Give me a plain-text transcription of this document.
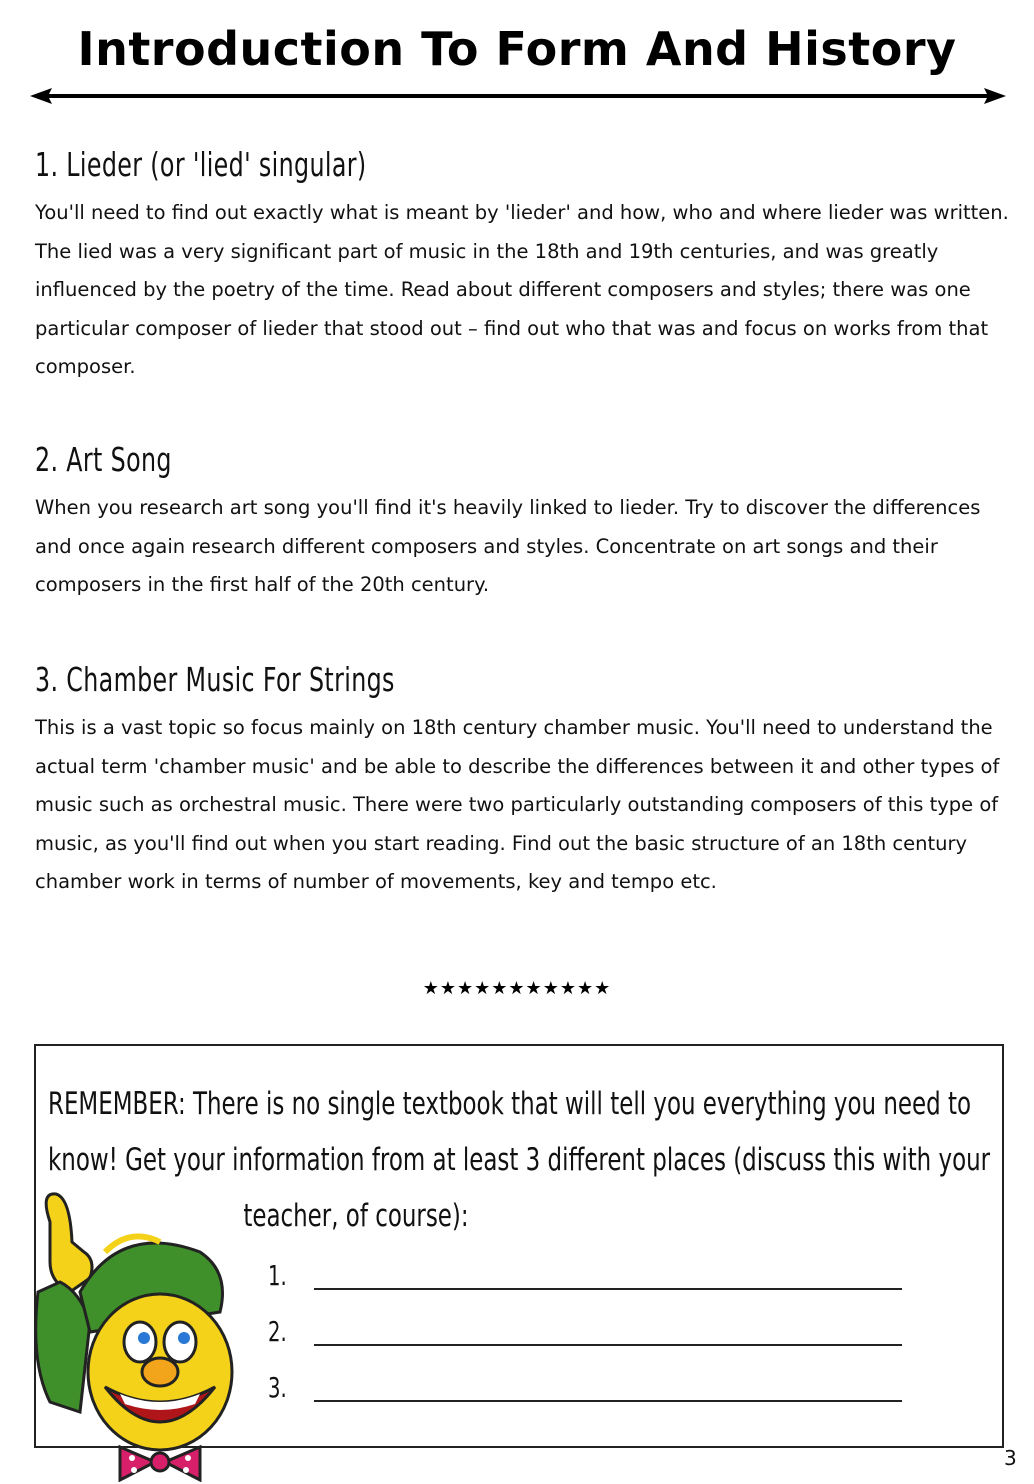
Introduction To Form And History
1. Lieder (or 'lied' singular)
You'll need to find out exactly what is meant by 'lieder' and how, who and where lieder was written. The lied was a very significant part of music in the 18th and 19th centuries, and was greatly influenced by the poetry of the time. Read about different composers and styles; there was one particular composer of lieder that stood out – find out who that was and focus on works from that composer.
2. Art Song
When you research art song you'll find it's heavily linked to lieder. Try to discover the differences and once again research different composers and styles. Concentrate on art songs and their composers in the first half of the 20th century.
3. Chamber Music For Strings
This is a vast topic so focus mainly on 18th century chamber music. You'll need to understand the actual term 'chamber music' and be able to describe the differences between it and other types of music such as orchestral music. There were two particularly outstanding composers of this type of music, as you'll find out when you start reading. Find out the basic structure of an 18th century chamber work in terms of number of movements, key and tempo etc.
★★★★★★★★★★★
REMEMBER: There is no single textbook that will tell you everything you need to
know! Get your information from at least 3 different places (discuss this with your
teacher, of course):
1.
2.
3.
3
